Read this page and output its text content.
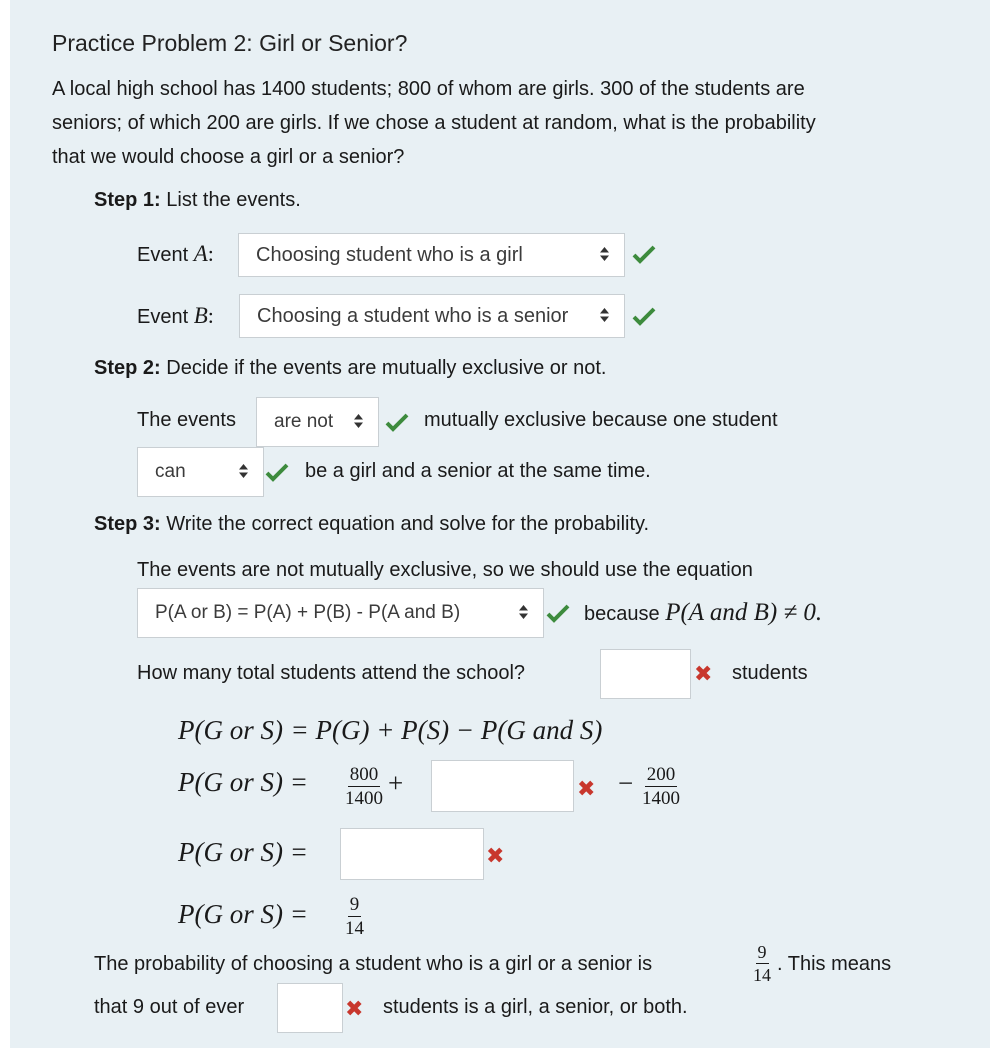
Practice Problem 2: Girl or Senior?
A local high school has 1400 students; 800 of whom are girls. 300 of the students are
seniors; of which 200 are girls. If we chose a student at random, what is the probability
that we would choose a girl or a senior?
Step 1: List the events.
Event A: Choosing student who is a girl
Event B: Choosing a student who is a senior
Step 2: Decide if the events are mutually exclusive or not.
The events are not	mutually exclusive because one student
can	be a girl and a senior at the same time.
Step 3: Write the correct equation and solve for the probability.
The events are not mutually exclusive, so we should use the equation
P(A or B) = P(A) + P(B) - P(A and B)	because P(A and B) ≠ 0.
How many total students attend the school?	✖ students
P(G or S) = P(G) + P(S) − P(G and S)
P(G or $S) = \frac{800}{1400}$ +	✖ − $\frac{200}{1400}$
P(G or S) =	✖
P(G or $S) = \frac{9}{14}$
The probability of choosing a student who is a girl or a senior is	$\frac{9}{14}$ . This means
that 9 out of ever	✖ students is a girl, a senior, or both.
